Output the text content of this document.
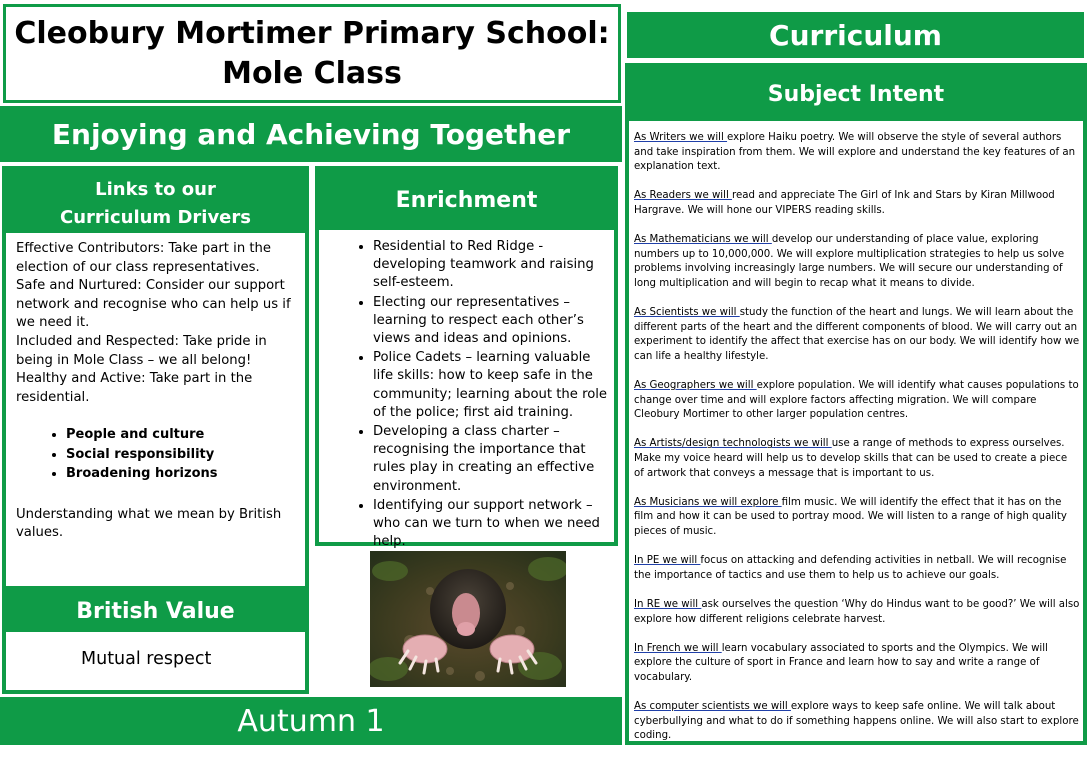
Cleobury Mortimer Primary School:
Mole Class
Enjoying and Achieving Together
Links to our
Curriculum Drivers

Effective Contributors: Take part in the election of our class representatives.

Safe and Nurtured: Consider our support network and recognise who can help us if we need it.

Included and Respected: Take pride in being in Mole Class – we all belong!

Healthy and Active: Take part in the residential.

• People and culture
• Social responsibility
• Broadening horizons

Understanding what we mean by British values.

British Value
Mutual respect
Enrichment
• Residential to Red Ridge - developing teamwork and raising self-esteem.
• Electing our representatives – learning to respect each other’s views and ideas and opinions.
• Police Cadets – learning valuable life skills: how to keep safe in the community; learning about the role of the police; first aid training.
• Developing a class charter – recognising the importance that rules play in creating an effective environment.
• Identifying our support network – who can we turn to when we need help.
Autumn 1
Curriculum
Subject Intent

As Writers we will explore Haiku poetry. We will observe the style of several authors and take inspiration from them. We will explore and understand the key features of an explanation text.

As Readers we will read and appreciate The Girl of Ink and Stars by Kiran Millwood Hargrave. We will hone our VIPERS reading skills.

As Mathematicians we will develop our understanding of place value, exploring numbers up to 10,000,000. We will explore multiplication strategies to help us solve problems involving increasingly large numbers. We will secure our understanding of long multiplication and will begin to recap what it means to divide.

As Scientists we will study the function of the heart and lungs. We will learn about the different parts of the heart and the different components of blood. We will carry out an experiment to identify the affect that exercise has on our body. We will identify how we can life a healthy lifestyle.

As Geographers we will explore population. We will identify what causes populations to change over time and will explore factors affecting migration. We will compare Cleobury Mortimer to other larger population centres.

As Artists/design technologists we will use a range of methods to express ourselves. Make my voice heard will help us to develop skills that can be used to create a piece of artwork that conveys a message that is important to us.

As Musicians we will explore film music. We will identify the effect that it has on the film and how it can be used to portray mood. We will listen to a range of high quality pieces of music.

In PE we will focus on attacking and defending activities in netball. We will recognise the importance of tactics and use them to help us to achieve our goals.

In RE we will ask ourselves the question ‘Why do Hindus want to be good?’ We will also explore how different religions celebrate harvest.

In French we will learn vocabulary associated to sports and the Olympics. We will explore the culture of sport in France and learn how to say and write a range of vocabulary.

As computer scientists we will explore ways to keep safe online. We will talk about cyberbullying and what to do if something happens online. We will also start to explore coding.
